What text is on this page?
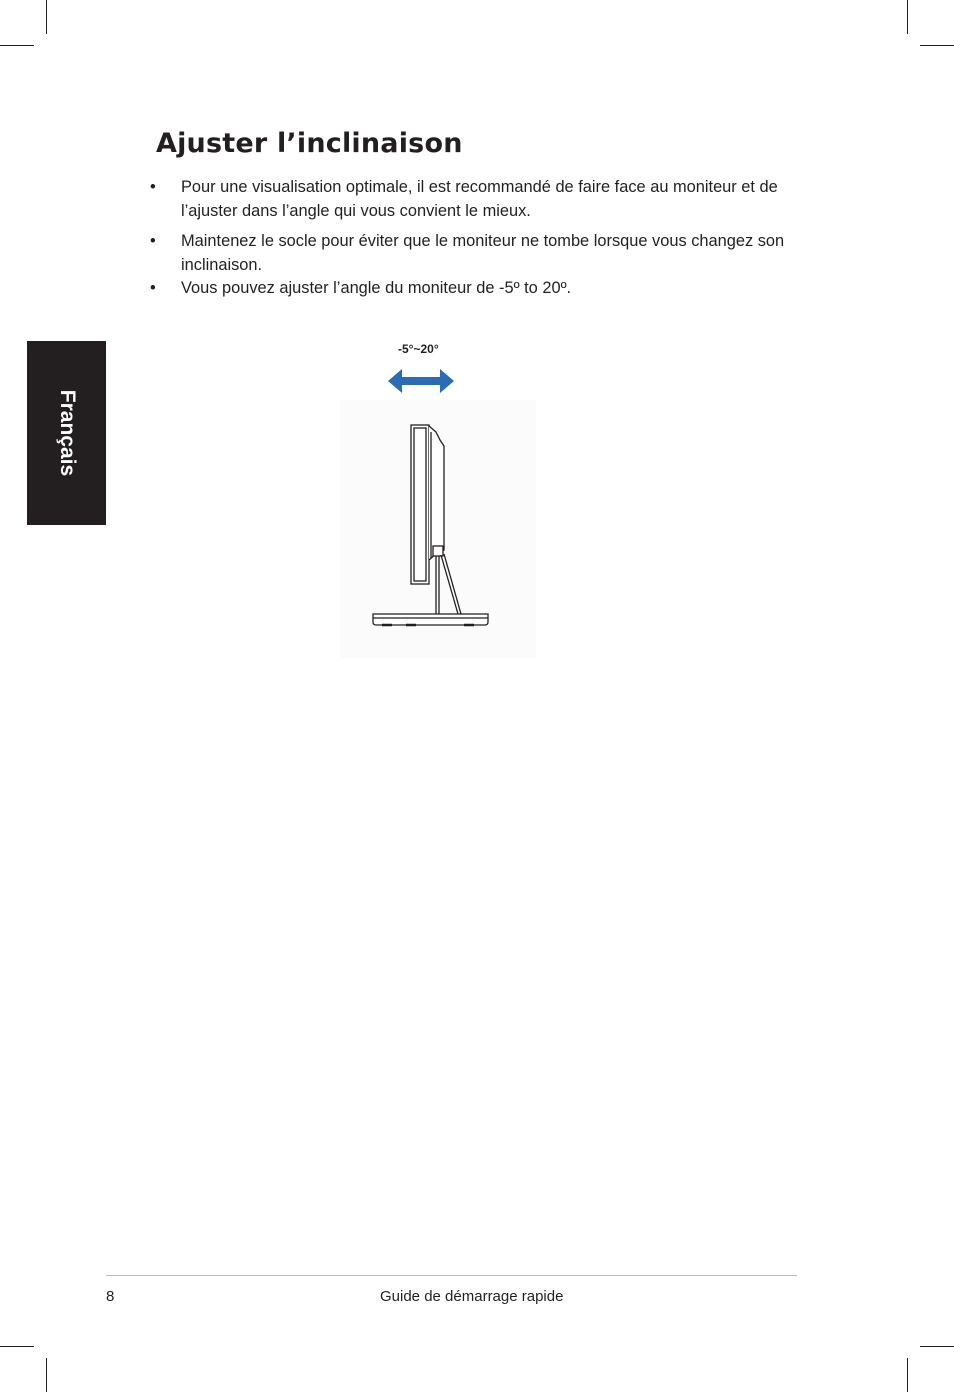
Ajuster l’inclinaison
• Pour une visualisation optimale, il est recommandé de faire face au moniteur et de l’ajuster dans l’angle qui vous convient le mieux.
• Maintenez le socle pour éviter que le moniteur ne tombe lorsque vous changez son inclinaison.
• Vous pouvez ajuster l’angle du moniteur de -5º to 20º.
Français
-5°~20°
8	Guide de démarrage rapide
